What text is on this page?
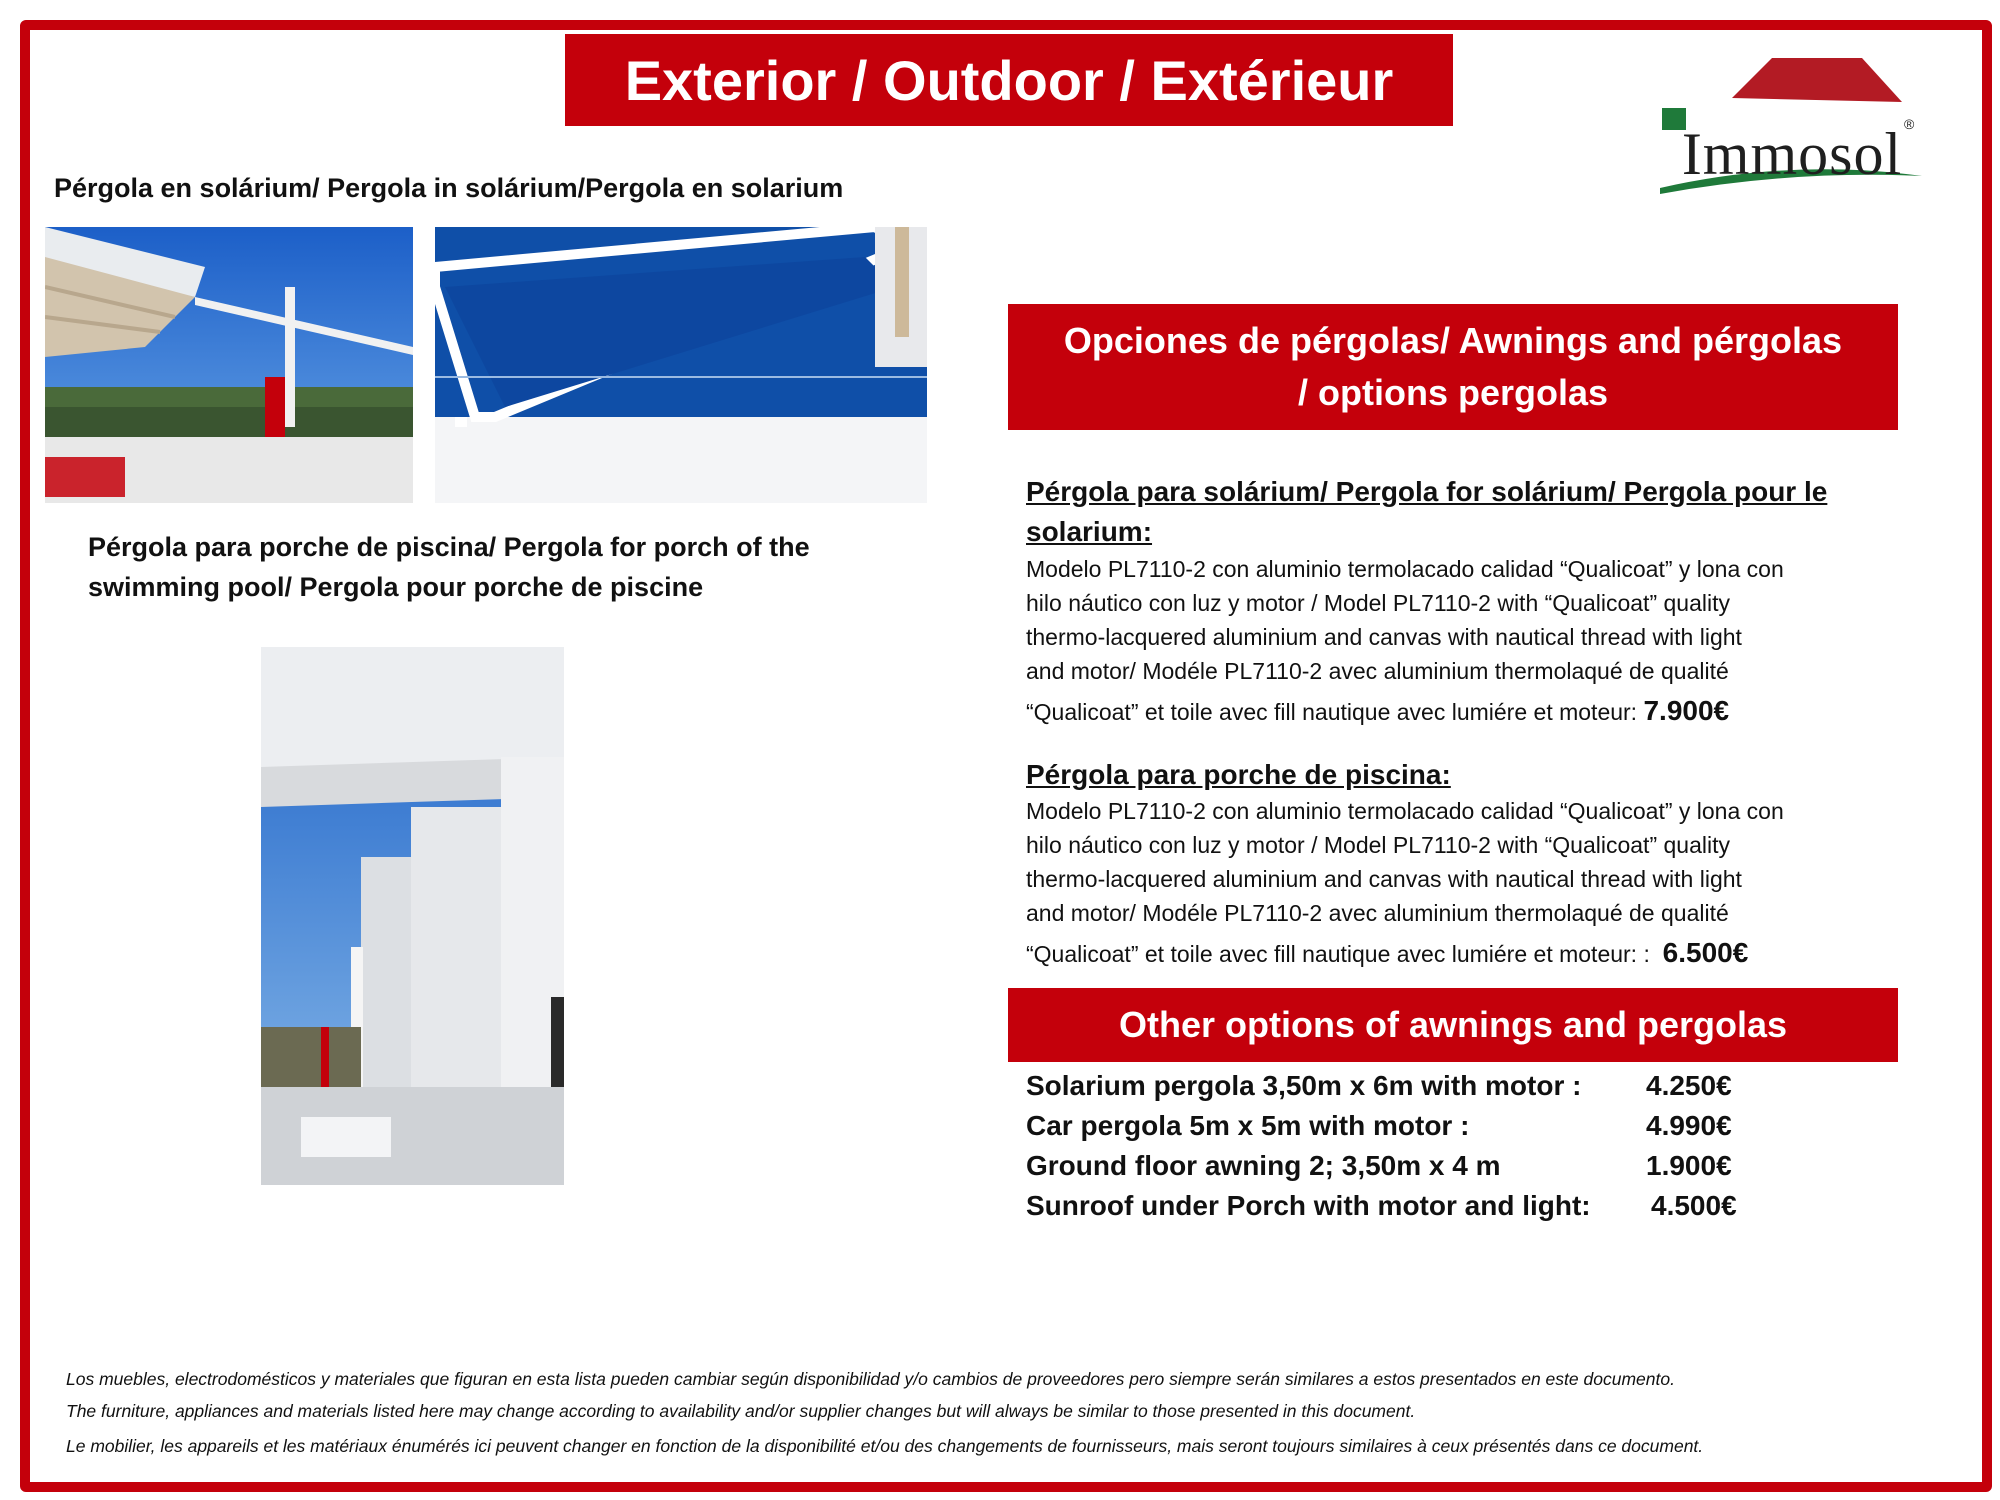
Exterior / Outdoor / Extérieur
Immosol ®
Pérgola en solárium/ Pergola in solárium/Pergola en solarium
Pérgola para porche de piscina/ Pergola for porch of the
swimming pool/ Pergola pour porche de piscine
Opciones de pérgolas/ Awnings and pérgolas
/ options pergolas
Pérgola para solárium/ Pergola for solárium/ Pergola pour le
solarium:
Modelo PL7110-2 con aluminio termolacado calidad “Qualicoat” y lona con
hilo náutico con luz y motor / Model PL7110-2 with “Qualicoat” quality
thermo-lacquered aluminium and canvas with nautical thread with light
and motor/ Modéle PL7110-2 avec aluminium thermolaqué de qualité
“Qualicoat” et toile avec fill nautique avec lumiére et moteur: 7.900€
Pérgola para porche de piscina:
Modelo PL7110-2 con aluminio termolacado calidad “Qualicoat” y lona con
hilo náutico con luz y motor / Model PL7110-2 with “Qualicoat” quality
thermo-lacquered aluminium and canvas with nautical thread with light
and motor/ Modéle PL7110-2 avec aluminium thermolaqué de qualité
“Qualicoat” et toile avec fill nautique avec lumiére et moteur: : 6.500€
Other options of awnings and pergolas
Solarium pergola 3,50m x 6m with motor :	4.250€
Car pergola 5m x 5m with motor :	4.990€
Ground floor awning 2; 3,50m x 4 m	1.900€
Sunroof under Porch with motor and light:	4.500€
Los muebles, electrodomésticos y materiales que figuran en esta lista pueden cambiar según disponibilidad y/o cambios de proveedores pero siempre serán similares a estos presentados en este documento.
The furniture, appliances and materials listed here may change according to availability and/or supplier changes but will always be similar to those presented in this document.
Le mobilier, les appareils et les matériaux énumérés ici peuvent changer en fonction de la disponibilité et/ou des changements de fournisseurs, mais seront toujours similaires à ceux présentés dans ce document.
